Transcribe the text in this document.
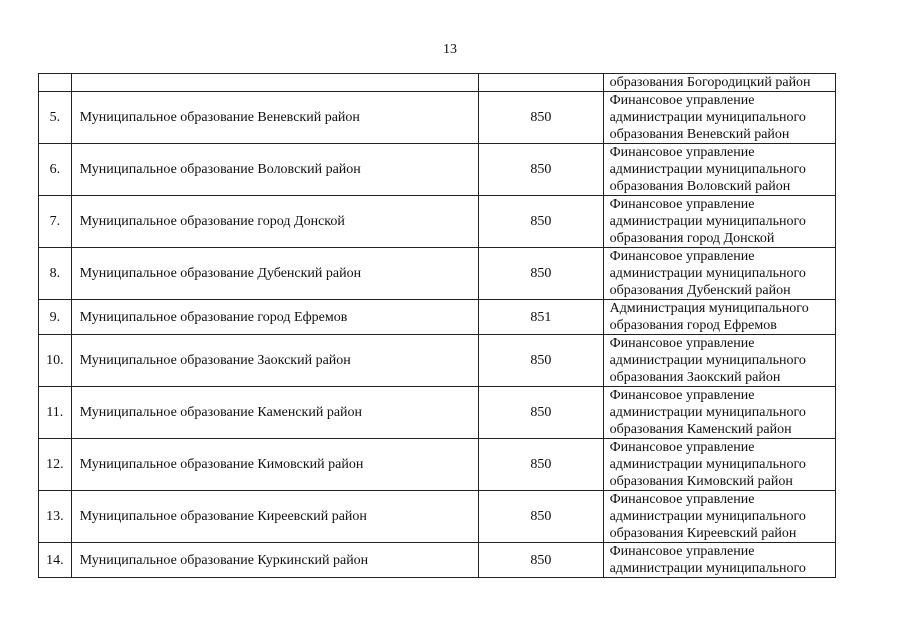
13

			образования Богородицкий район

5.	Муниципальное образование Веневский район	850	Финансовое управление
администрации муниципального
образования Веневский район

6.	Муниципальное образование Воловский район	850	Финансовое управление
администрации муниципального
образования Воловский район

7.	Муниципальное образование город Донской	850	Финансовое управление
администрации муниципального
образования город Донской

8.	Муниципальное образование Дубенский район	850	Финансовое управление
администрации муниципального
образования Дубенский район

9.	Муниципальное образование город Ефремов	851	Администрация муниципального
образования город Ефремов

10.	Муниципальное образование Заокский район	850	Финансовое управление
администрации муниципального
образования Заокский район

11.	Муниципальное образование Каменский район	850	Финансовое управление
администрации муниципального
образования Каменский район

12.	Муниципальное образование Кимовский район	850	Финансовое управление
администрации муниципального
образования Кимовский район

13.	Муниципальное образование Киреевский район	850	Финансовое управление
администрации муниципального
образования Киреевский район

14.	Муниципальное образование Куркинский район	850	Финансовое управление
администрации муниципального
